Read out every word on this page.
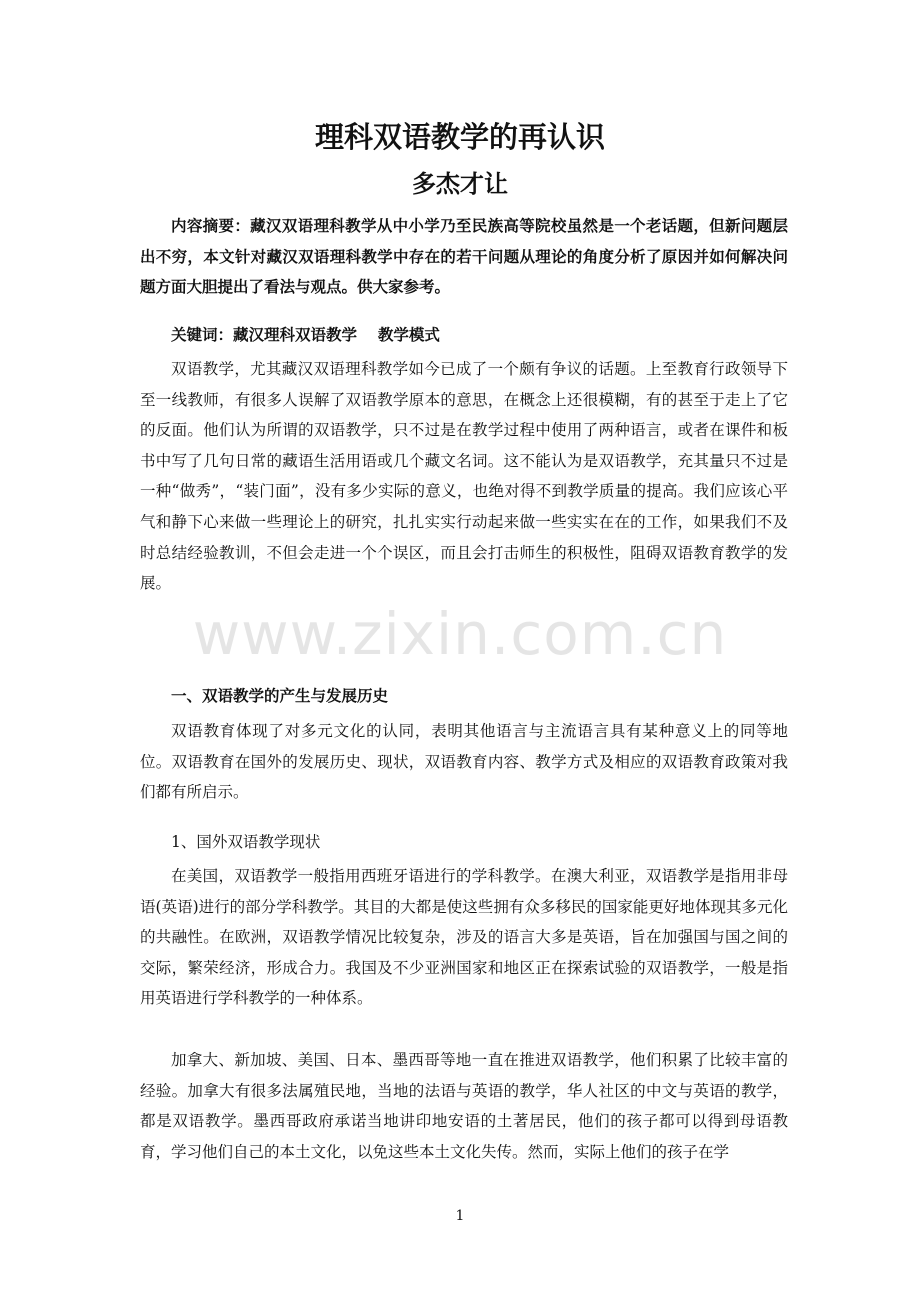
理科双语教学的再认识
多杰才让

内容摘要：藏汉双语理科教学从中小学乃至民族高等院校虽然是一个老话题，但新问题层出不穷，本文针对藏汉双语理科教学中存在的若干问题从理论的角度分析了原因并如何解决问题方面大胆提出了看法与观点。供大家参考。

关键词：藏汉理科双语教学　 教学模式

双语教学，尤其藏汉双语理科教学如今已成了一个颇有争议的话题。上至教育行政领导下至一线教师，有很多人误解了双语教学原本的意思，在概念上还很模糊，有的甚至于走上了它的反面。他们认为所谓的双语教学，只不过是在教学过程中使用了两种语言，或者在课件和板书中写了几句日常的藏语生活用语或几个藏文名词。这不能认为是双语教学，充其量只不过是一种“做秀”，“装门面”，没有多少实际的意义，也绝对得不到教学质量的提高。我们应该心平气和静下心来做一些理论上的研究，扎扎实实行动起来做一些实实在在的工作，如果我们不及时总结经验教训，不但会走进一个个误区，而且会打击师生的积极性，阻碍双语教育教学的发展。

一、双语教学的产生与发展历史

双语教育体现了对多元文化的认同，表明其他语言与主流语言具有某种意义上的同等地位。双语教育在国外的发展历史、现状，双语教育内容、教学方式及相应的双语教育政策对我们都有所启示。

1、国外双语教学现状

在美国，双语教学一般指用西班牙语进行的学科教学。在澳大利亚，双语教学是指用非母语(英语)进行的部分学科教学。其目的大都是使这些拥有众多移民的国家能更好地体现其多元化的共融性。在欧洲，双语教学情况比较复杂，涉及的语言大多是英语，旨在加强国与国之间的交际，繁荣经济，形成合力。我国及不少亚洲国家和地区正在探索试验的双语教学，一般是指用英语进行学科教学的一种体系。

加拿大、新加坡、美国、日本、墨西哥等地一直在推进双语教学，他们积累了比较丰富的经验。加拿大有很多法属殖民地，当地的法语与英语的教学，华人社区的中文与英语的教学，都是双语教学。墨西哥政府承诺当地讲印地安语的土著居民，他们的孩子都可以得到母语教育，学习他们自己的本土文化，以免这些本土文化失传。然而，实际上他们的孩子在学

www.zixin.com.cn
1
